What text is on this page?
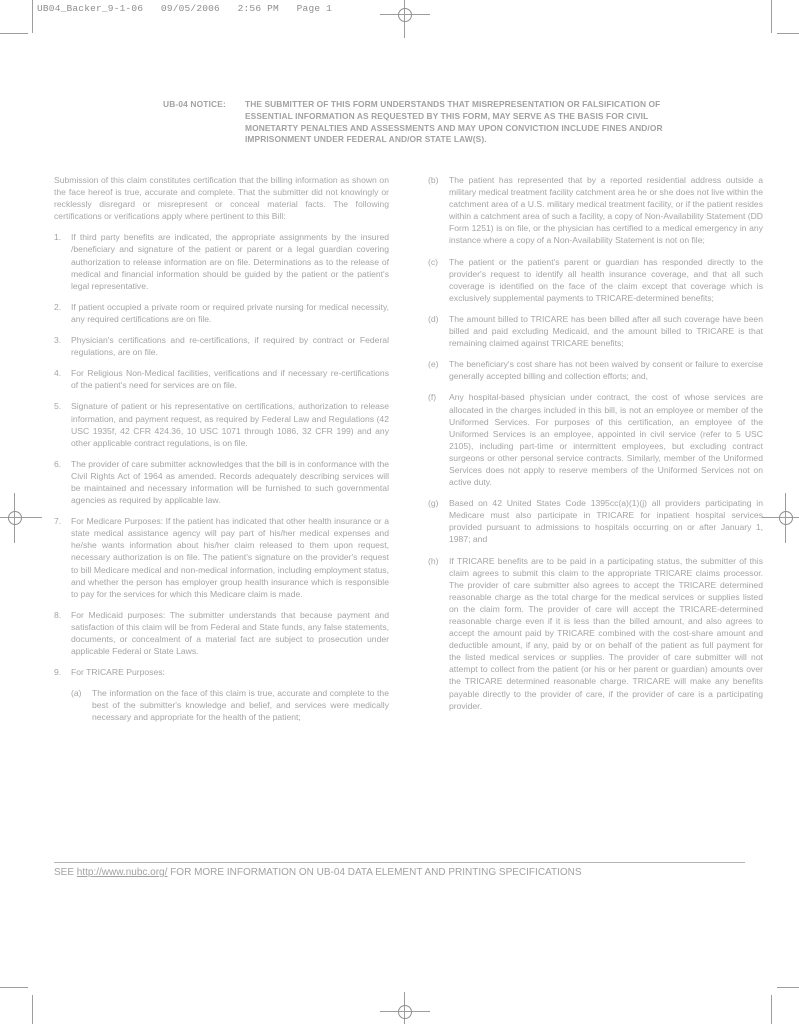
UB04_Backer_9-1-06   09/05/2006   2:56 PM   Page 1
UB-04 NOTICE:	THE SUBMITTER OF THIS FORM UNDERSTANDS THAT MISREPRESENTATION OR FALSIFICATION OF ESSENTIAL INFORMATION AS REQUESTED BY THIS FORM, MAY SERVE AS THE BASIS FOR CIVIL MONETARTY PENALTIES AND ASSESSMENTS AND MAY UPON CONVICTION INCLUDE FINES AND/OR IMPRISONMENT UNDER FEDERAL AND/OR STATE LAW(S).

Submission of this claim constitutes certification that the billing information as shown on the face hereof is true, accurate and complete. That the submitter did not knowingly or recklessly disregard or misrepresent or conceal material facts. The following certifications or verifications apply where pertinent to this Bill:

1.	If third party benefits are indicated, the appropriate assignments by the insured /beneficiary and signature of the patient or parent or a legal guardian covering authorization to release information are on file. Determinations as to the release of medical and financial information should be guided by the patient or the patient's legal representative.
2.	If patient occupied a private room or required private nursing for medical necessity, any required certifications are on file.
3.	Physician's certifications and re-certifications, if required by contract or Federal regulations, are on file.
4.	For Religious Non-Medical facilities, verifications and if necessary re-certifications of the patient's need for services are on file.
5.	Signature of patient or his representative on certifications, authorization to release information, and payment request, as required by Federal Law and Regulations (42 USC 1935f, 42 CFR 424.36, 10 USC 1071 through 1086, 32 CFR 199) and any other applicable contract regulations, is on file.
6.	The provider of care submitter acknowledges that the bill is in conformance with the Civil Rights Act of 1964 as amended. Records adequately describing services will be maintained and necessary information will be furnished to such governmental agencies as required by applicable law.
7.	For Medicare Purposes: If the patient has indicated that other health insurance or a state medical assistance agency will pay part of his/her medical expenses and he/she wants information about his/her claim released to them upon request, necessary authorization is on file. The patient's signature on the provider's request to bill Medicare medical and non-medical information, including employment status, and whether the person has employer group health insurance which is responsible to pay for the services for which this Medicare claim is made.
8.	For Medicaid purposes: The submitter understands that because payment and satisfaction of this claim will be from Federal and State funds, any false statements, documents, or concealment of a material fact are subject to prosecution under applicable Federal or State Laws.
9.	For TRICARE Purposes:
(a)	The information on the face of this claim is true, accurate and complete to the best of the submitter's knowledge and belief, and services were medically necessary and appropriate for the health of the patient;
(b)	The patient has represented that by a reported residential address outside a military medical treatment facility catchment area he or she does not live within the catchment area of a U.S. military medical treatment facility, or if the patient resides within a catchment area of such a facility, a copy of Non-Availability Statement (DD Form 1251) is on file, or the physician has certified to a medical emergency in any instance where a copy of a Non-Availability Statement is not on file;
(c)	The patient or the patient's parent or guardian has responded directly to the provider's request to identify all health insurance coverage, and that all such coverage is identified on the face of the claim except that coverage which is exclusively supplemental payments to TRICARE-determined benefits;
(d)	The amount billed to TRICARE has been billed after all such coverage have been billed and paid excluding Medicaid, and the amount billed to TRICARE is that remaining claimed against TRICARE benefits;
(e)	The beneficiary's cost share has not been waived by consent or failure to exercise generally accepted billing and collection efforts; and,
(f)	Any hospital-based physician under contract, the cost of whose services are allocated in the charges included in this bill, is not an employee or member of the Uniformed Services. For purposes of this certification, an employee of the Uniformed Services is an employee, appointed in civil service (refer to 5 USC 2105), including part-time or intermittent employees, but excluding contract surgeons or other personal service contracts. Similarly, member of the Uniformed Services does not apply to reserve members of the Uniformed Services not on active duty.
(g)	Based on 42 United States Code 1395cc(a)(1)(j) all providers participating in Medicare must also participate in TRICARE for inpatient hospital services provided pursuant to admissions to hospitals occurring on or after January 1, 1987; and
(h)	If TRICARE benefits are to be paid in a participating status, the submitter of this claim agrees to submit this claim to the appropriate TRICARE claims processor. The provider of care submitter also agrees to accept the TRICARE determined reasonable charge as the total charge for the medical services or supplies listed on the claim form. The provider of care will accept the TRICARE-determined reasonable charge even if it is less than the billed amount, and also agrees to accept the amount paid by TRICARE combined with the cost-share amount and deductible amount, if any, paid by or on behalf of the patient as full payment for the listed medical services or supplies. The provider of care submitter will not attempt to collect from the patient (or his or her parent or guardian) amounts over the TRICARE determined reasonable charge. TRICARE will make any benefits payable directly to the provider of care, if the provider of care is a participating provider.
SEE http://www.nubc.org/ FOR MORE INFORMATION ON UB-04 DATA ELEMENT AND PRINTING SPECIFICATIONS
